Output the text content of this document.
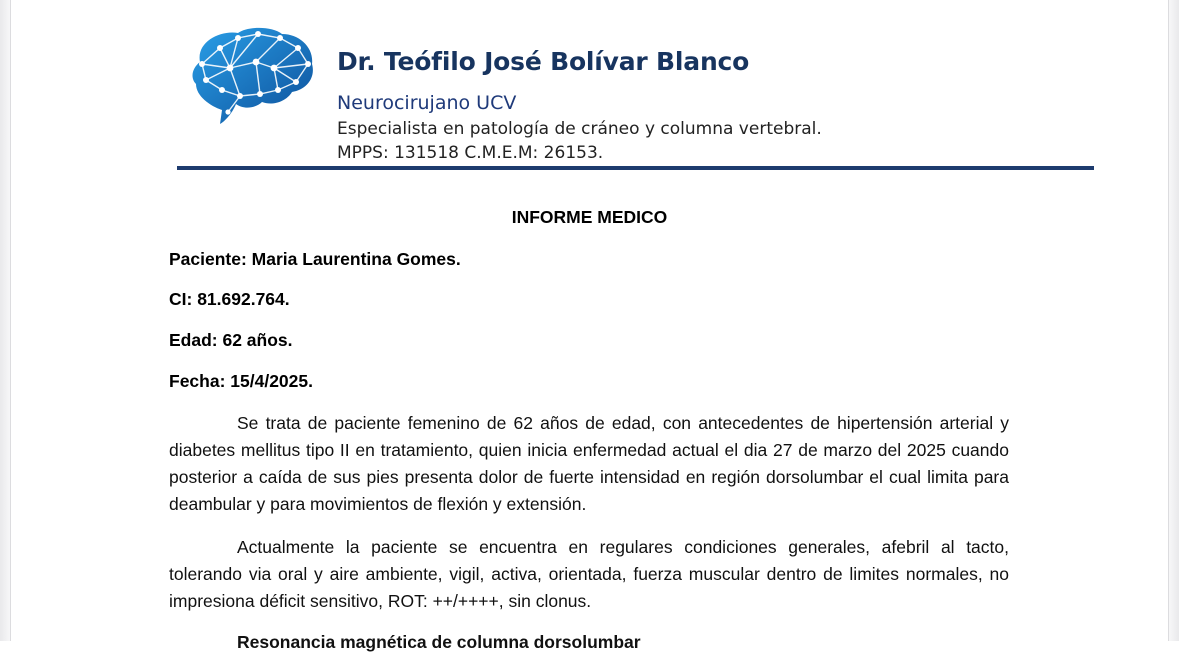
Dr. Teófilo José Bolívar Blanco
Neurocirujano UCV
Especialista en patología de cráneo y columna vertebral.
MPPS: 131518 C.M.E.M: 26153.
INFORME MEDICO
Paciente: Maria Laurentina Gomes.
CI: 81.692.764.
Edad: 62 años.
Fecha: 15/4/2025.

Se trata de paciente femenino de 62 años de edad, con antecedentes de hipertensión arterial y diabetes mellitus tipo II en tratamiento, quien inicia enfermedad actual el dia 27 de marzo del 2025 cuando posterior a caída de sus pies presenta dolor de fuerte intensidad en región dorsolumbar el cual limita para deambular y para movimientos de flexión y extensión.

Actualmente la paciente se encuentra en regulares condiciones generales, afebril al tacto, tolerando via oral y aire ambiente, vigil, activa, orientada, fuerza muscular dentro de limites normales, no impresiona déficit sensitivo, ROT: ++/++++, sin clonus.

Resonancia magnética de columna dorsolumbar
